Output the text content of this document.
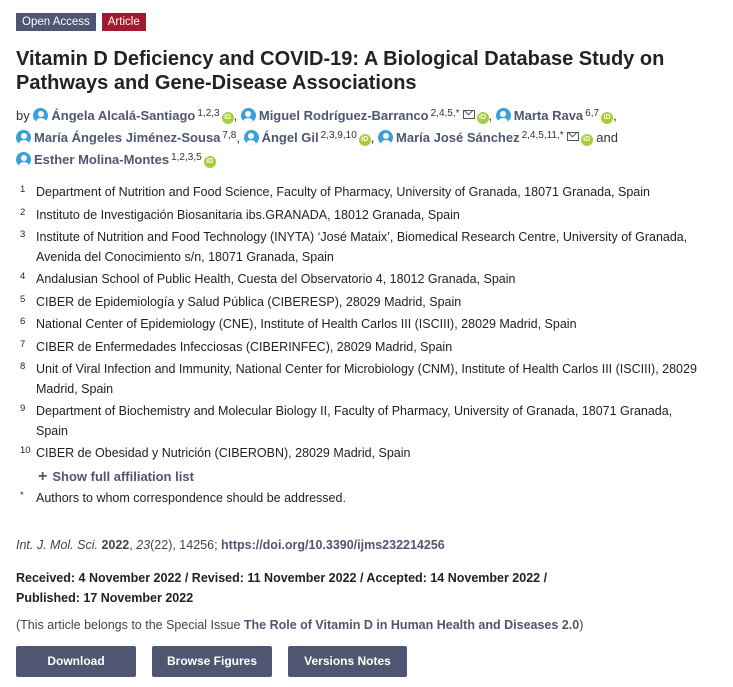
Open Access	Article
Vitamin D Deficiency and COVID-19: A Biological Database Study on Pathways and Gene-Disease Associations
by Ángela Alcalá-Santiago $^{1,2,3}$ iD , Miguel Rodríguez-Barranco $^{2,4,5,*}$	iD , Marta Rava $^{6,7}$ iD ,
María Ángeles Jiménez-Sousa $^{7,8}$, Ángel Gil $^{2,3,9,10}$ iD , María José Sánchez $^{2,4,5,11,*}$	iD and
Esther Molina-Montes $^{1,2,3,5}$ iD
1 Department of Nutrition and Food Science, Faculty of Pharmacy, University of Granada, 18071 Granada, Spain
2 Instituto de Investigación Biosanitaria ibs.GRANADA, 18012 Granada, Spain
3 Institute of Nutrition and Food Technology (INYTA) ‘José Mataix’, Biomedical Research Centre, University of Granada, Avenida del Conocimiento s/n, 18071 Granada, Spain
4 Andalusian School of Public Health, Cuesta del Observatorio 4, 18012 Granada, Spain
5 CIBER de Epidemiología y Salud Pública (CIBERESP), 28029 Madrid, Spain
6 National Center of Epidemiology (CNE), Institute of Health Carlos III (ISCIII), 28029 Madrid, Spain
7 CIBER de Enfermedades Infecciosas (CIBERINFEC), 28029 Madrid, Spain
8 Unit of Viral Infection and Immunity, National Center for Microbiology (CNM), Institute of Health Carlos III (ISCIII), 28029 Madrid, Spain
9 Department of Biochemistry and Molecular Biology II, Faculty of Pharmacy, University of Granada, 18071 Granada, Spain
10 CIBER de Obesidad y Nutrición (CIBEROBN), 28029 Madrid, Spain
+ Show full affiliation list
* Authors to whom correspondence should be addressed.
Int. J. Mol. Sci. 2022, 23(22), 14256; https://doi.org/10.3390/ijms232214256
Received: 4 November 2022 / Revised: 11 November 2022 / Accepted: 14 November 2022 /
Published: 17 November 2022
(This article belongs to the Special Issue The Role of Vitamin D in Human Health and Diseases 2.0)
Download	Browse Figures	Versions Notes
